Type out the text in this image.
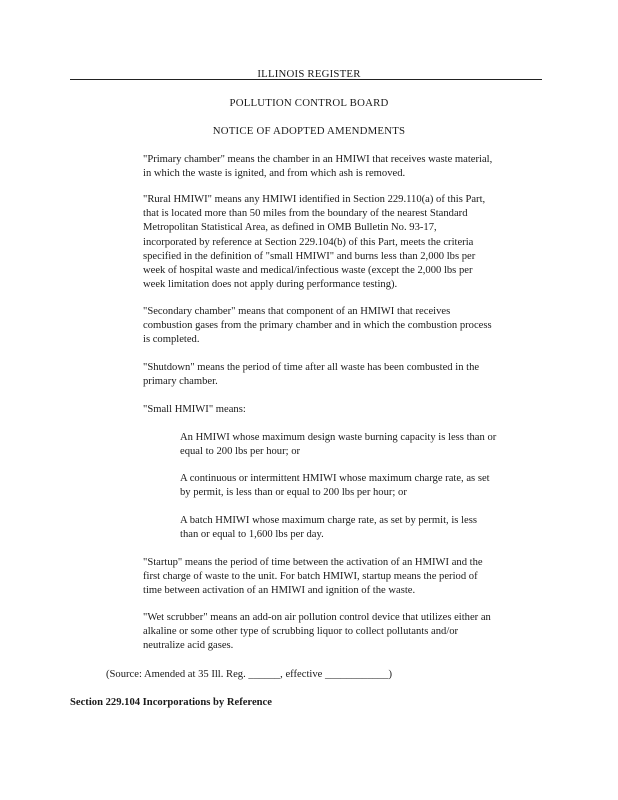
ILLINOIS REGISTER
POLLUTION CONTROL BOARD
NOTICE OF ADOPTED AMENDMENTS
"Primary chamber" means the chamber in an HMIWI that receives waste material,
in which the waste is ignited, and from which ash is removed.
"Rural HMIWI" means any HMIWI identified in Section 229.110(a) of this Part,
that is located more than 50 miles from the boundary of the nearest Standard
Metropolitan Statistical Area, as defined in OMB Bulletin No. 93-17,
incorporated by reference at Section 229.104(b) of this Part, meets the criteria
specified in the definition of "small HMIWI" and burns less than 2,000 lbs per
week of hospital waste and medical/infectious waste (except the 2,000 lbs per
week limitation does not apply during performance testing).
"Secondary chamber" means that component of an HMIWI that receives
combustion gases from the primary chamber and in which the combustion process
is completed.
"Shutdown" means the period of time after all waste has been combusted in the
primary chamber.
"Small HMIWI" means:
An HMIWI whose maximum design waste burning capacity is less than or
equal to 200 lbs per hour; or
A continuous or intermittent HMIWI whose maximum charge rate, as set
by permit, is less than or equal to 200 lbs per hour; or
A batch HMIWI whose maximum charge rate, as set by permit, is less
than or equal to 1,600 lbs per day.
"Startup" means the period of time between the activation of an HMIWI and the
first charge of waste to the unit. For batch HMIWI, startup means the period of
time between activation of an HMIWI and ignition of the waste.
"Wet scrubber" means an add-on air pollution control device that utilizes either an
alkaline or some other type of scrubbing liquor to collect pollutants and/or
neutralize acid gases.
(Source: Amended at 35 Ill. Reg. ______, effective ____________)
Section 229.104 Incorporations by Reference
